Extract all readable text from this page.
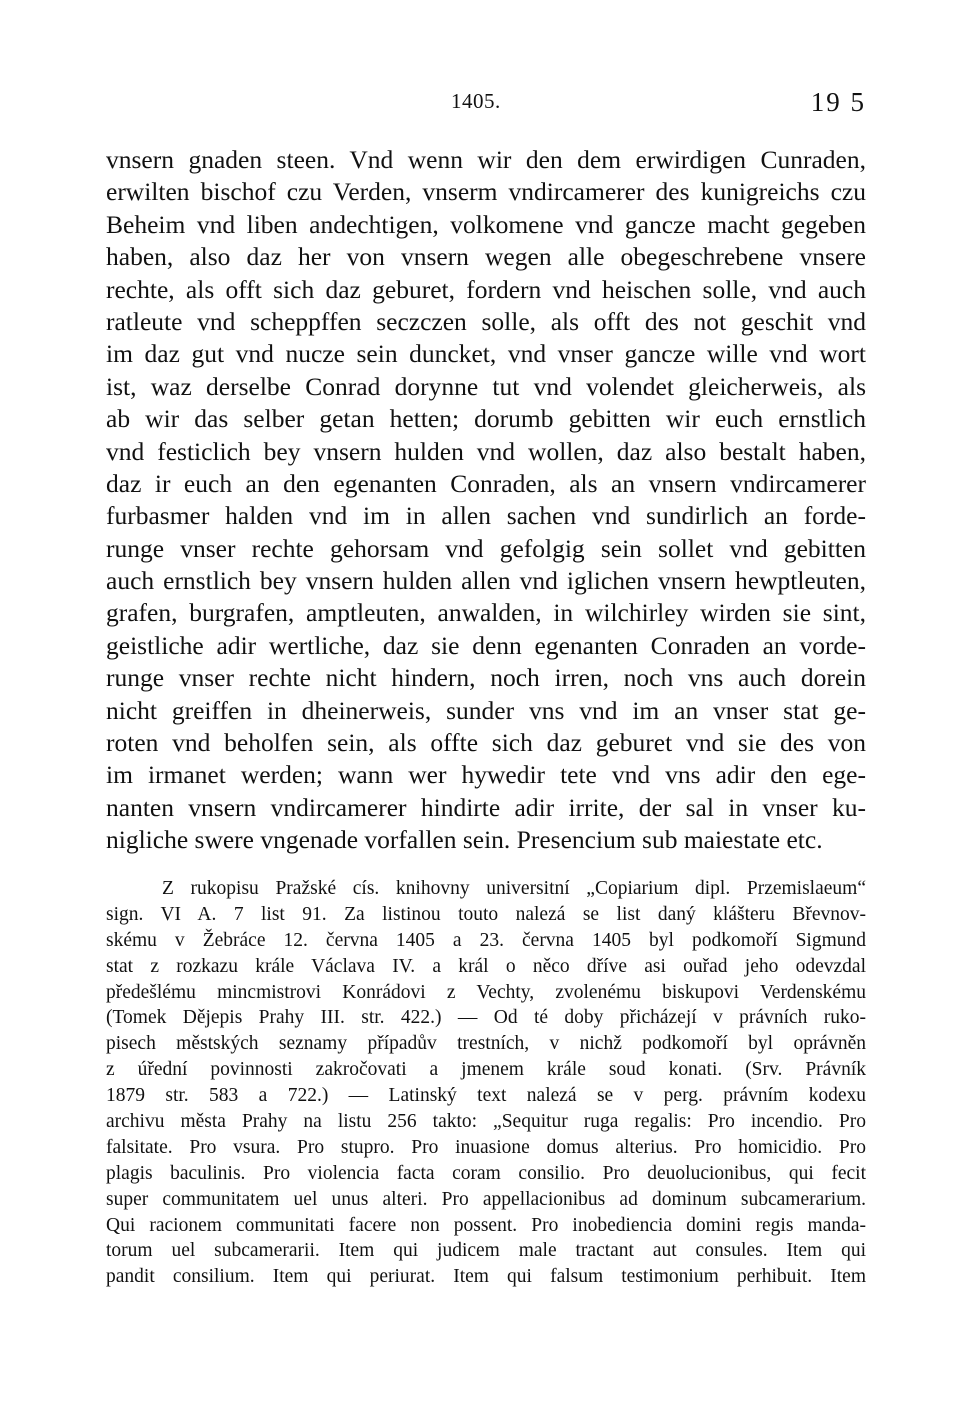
1405.	19 5
vnsern gnaden steen. Vnd wenn wir den dem erwirdigen Cunraden,
erwilten bischof czu Verden, vnserm vndircamerer des kunigreichs czu
Beheim vnd liben andechtigen, volkomene vnd gancze macht gegeben
haben, also daz her von vnsern wegen alle obegeschrebene vnsere
rechte, als offt sich daz geburet, fordern vnd heischen solle, vnd auch
ratleute vnd scheppffen seczczen solle, als offt des not geschit vnd
im daz gut vnd nucze sein duncket, vnd vnser gancze wille vnd wort
ist, waz derselbe Conrad dorynne tut vnd volendet gleicherweis, als
ab wir das selber getan hetten; dorumb gebitten wir euch ernstlich
vnd festiclich bey vnsern hulden vnd wollen, daz also bestalt haben,
daz ir euch an den egenanten Conraden, als an vnsern vndircamerer
furbasmer halden vnd im in allen sachen vnd sundirlich an forde-
runge vnser rechte gehorsam vnd gefolgig sein sollet vnd gebitten
auch ernstlich bey vnsern hulden allen vnd iglichen vnsern hewptleuten,
grafen, burgrafen, amptleuten, anwalden, in wilchirley wirden sie sint,
geistliche adir wertliche, daz sie denn egenanten Conraden an vorde-
runge vnser rechte nicht hindern, noch irren, noch vns auch dorein
nicht greiffen in dheinerweis, sunder vns vnd im an vnser stat ge-
roten vnd beholfen sein, als offte sich daz geburet vnd sie des von
im irmanet werden; wann wer hywedir tete vnd vns adir den ege-
nanten vnsern vndircamerer hindirte adir irrite, der sal in vnser ku-
nigliche swere vngenade vorfallen sein. Presencium sub maiestate etc.
Z rukopisu Pražské cís. knihovny universitní „Copiarium dipl. Przemislaeum“
sign. VI A. 7 list 91. Za listinou touto nalezá se list daný klášteru Břevnov-
skému v Žebráce 12. června 1405 a 23. června 1405 byl podkomoří Sigmund
stat z rozkazu krále Václava IV. a král o něco dříve asi ouřad jeho odevzdal
předešlému mincmistrovi Konrádovi z Vechty, zvolenému biskupovi Verdenskému
(Tomek Dějepis Prahy III. str. 422.) — Od té doby přicházejí v právních ruko-
pisech městských seznamy případův trestních, v nichž podkomoří byl oprávněn
z úřední povinnosti zakročovati a jmenem krále soud konati. (Srv. Právník
1879 str. 583 a 722.) — Latinský text nalezá se v perg. právním kodexu
archivu města Prahy na listu 256 takto: „Sequitur ruga regalis: Pro incendio. Pro
falsitate. Pro vsura. Pro stupro. Pro inuasione domus alterius. Pro homicidio. Pro
plagis baculinis. Pro violencia facta coram consilio. Pro deuolucionibus, qui fecit
super communitatem uel unus alteri. Pro appellacionibus ad dominum subcamerarium.
Qui racionem communitati facere non possent. Pro inobediencia domini regis manda-
torum uel subcamerarii. Item qui judicem male tractant aut consules. Item qui
pandit consilium. Item qui periurat. Item qui falsum testimonium perhibuit. Item
